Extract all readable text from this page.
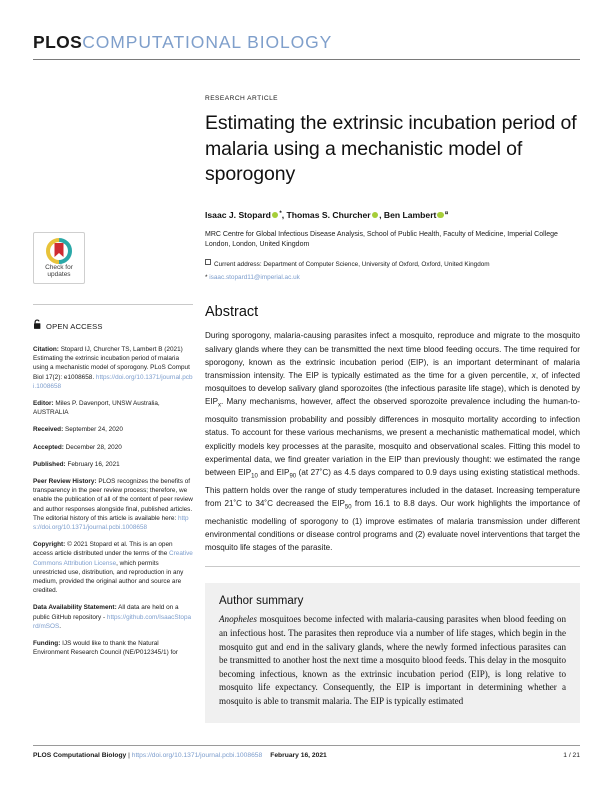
PLOSCOMPUTATIONAL BIOLOGY
Check for
updates
OPEN ACCESS

Citation: Stopard IJ, Churcher TS, Lambert B (2021) Estimating the extrinsic incubation period of malaria using a mechanistic model of sporogony. PLoS Comput Biol 17(2): e1008658. https://doi.org/10.1371/journal.pcbi.1008658

Editor: Miles P. Davenport, UNSW Australia, AUSTRALIA

Received: September 24, 2020

Accepted: December 28, 2020

Published: February 16, 2021

Peer Review History: PLOS recognizes the benefits of transparency in the peer review process; therefore, we enable the publication of all of the content of peer review and author responses alongside final, published articles. The editorial history of this article is available here: https://doi.org/10.1371/journal.pcbi.1008658

Copyright: © 2021 Stopard et al. This is an open access article distributed under the terms of the Creative Commons Attribution License, which permits unrestricted use, distribution, and reproduction in any medium, provided the original author and source are credited.

Data Availability Statement: All data are held on a public GitHub repository - https://github.com/IsaacStopard/mSOS.

Funding: IJS would like to thank the Natural Environment Research Council (NE/P012345/1) for

RESEARCH ARTICLE
Estimating the extrinsic incubation period of malaria using a mechanistic model of sporogony
Isaac J. Stopard *, Thomas S. Churcher , Ben Lambert ¤
MRC Centre for Global Infectious Disease Analysis, School of Public Health, Faculty of Medicine, Imperial College London, London, United Kingdom
Current address: Department of Computer Science, University of Oxford, Oxford, United Kingdom
* isaac.stopard11@imperial.ac.uk
Abstract
During sporogony, malaria-causing parasites infect a mosquito, reproduce and migrate to the mosquito salivary glands where they can be transmitted the next time blood feeding occurs. The time required for sporogony, known as the extrinsic incubation period (EIP), is an important determinant of malaria transmission intensity. The EIP is typically estimated as the time for a given percentile, x, of infected mosquitoes to develop salivary gland sporozoites (the infectious parasite life stage), which is denoted by $EIP_x$. Many mechanisms, however, affect the observed sporozoite prevalence including the human-to-mosquito transmission probability and possibly differences in mosquito mortality according to infection status. To account for these various mechanisms, we present a mechanistic mathematical model, which explicitly models key processes at the parasite, mosquito and observational scales. Fitting this model to experimental data, we find greater variation in the EIP than previously thought: we estimated the range between $EIP_{10}$ and $EIP_{90}$ (at 27˚C) as 4.5 days compared to 0.9 days using existing statistical methods. This pattern holds over the range of study temperatures included in the dataset. Increasing temperature from 21˚C to 34˚C decreased the $EIP_{50}$ from 16.1 to 8.8 days. Our work highlights the importance of mechanistic modelling of sporogony to (1) improve estimates of malaria transmission under different environmental conditions or disease control programs and (2) evaluate novel interventions that target the mosquito life stages of the parasite.
Author summary
Anopheles mosquitoes become infected with malaria-causing parasites when blood feeding on an infectious host. The parasites then reproduce via a number of life stages, which begin in the mosquito gut and end in the salivary glands, where the newly formed infectious parasites can be transmitted to another host the next time a mosquito blood feeds. This delay in the mosquito becoming infectious, known as the extrinsic incubation period (EIP), is long relative to mosquito life expectancy. Consequently, the EIP is important in determining whether a mosquito is able to transmit malaria. The EIP is typically estimated
PLOS Computational Biology | https://doi.org/10.1371/journal.pcbi.1008658 February 16, 2021	1 / 21
